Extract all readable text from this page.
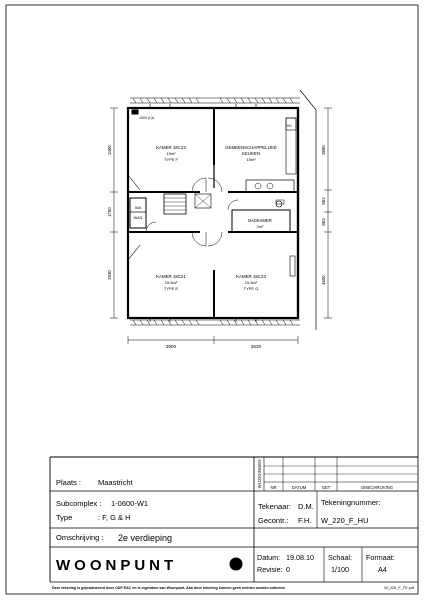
1500 (L)h
KK
KAMER 18C22
15m²
TYPE F
GEMEENSCHAPPELIJKE
KEUKEN
15m²
KAMER 18C21
15.5m²
TYPE E
KAMER 18C23
15.5m²
TYPE G
BADKAMER
2m²
WA
WAS
3400
1760
3930
3880
863
863
4600
3900	3620
WIJZIGINGEN NR	DATUM	GET	OMSCHRIJVING
Plaats : Maastricht
Subcomplex : 1-0600-W1
Type	: F, G & H
Tekenaar: D.M.
Gecontr.: F.H.
Tekeningnummer:
W_220_F_HU
Omschrijving : 2e verdieping
WOONPUNT	Datum: 19.08.10
Revisie: 0
Schaal:
1/100
Formaat:
A4
Deze tekening is geproduceerd door ODF E&C en is eigendom van Woonpunt. Aan deze tekening kunnen geen rechten worden ontleend.	W_220_F_TE.pdf
